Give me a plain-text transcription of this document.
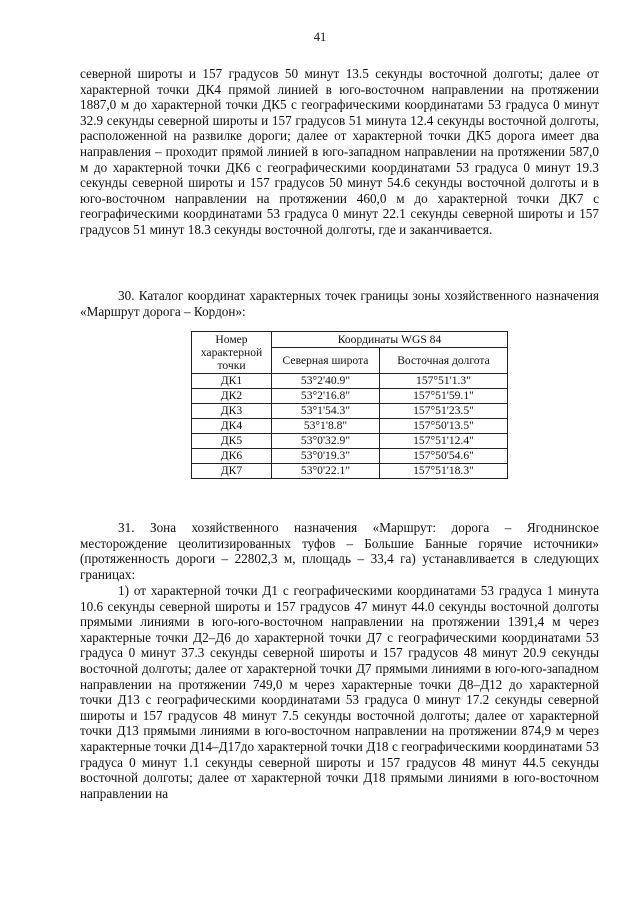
41

северной широты и 157 градусов 50 минут 13.5 секунды восточной долготы; далее от характерной точки ДК4 прямой линией в юго-восточном направлении на протяжении 1887,0 м до характерной точки ДК5 с географическими координатами 53 градуса 0 минут 32.9 секунды северной широты и 157 градусов 51 минута 12.4 секунды восточной долготы, расположенной на развилке дороги; далее от характерной точки ДК5 дорога имеет два направления – проходит прямой линией в юго-западном направлении на протяжении 587,0 м до характерной точки ДК6 с географическими координатами 53 градуса 0 минут 19.3 секунды северной широты и 157 градусов 50 минут 54.6 секунды восточной долготы и в юго-восточном направлении на протяжении 460,0 м до характерной точки ДК7 с географическими координатами 53 градуса 0 минут 22.1 секунды северной широты и 157 градусов 51 минут 18.3 секунды восточной долготы, где и заканчивается.

30. Каталог координат характерных точек границы зоны хозяйственного назначения «Маршрут дорога – Кордон»:

Номер характерной точки	Координаты WGS 84	
	Северная широта	Восточная долгота
ДК1	53°2'40.9"	157°51'1.3"
ДК2	53°2'16.8"	157°51'59.1"
ДК3	53°1'54.3"	157°51'23.5"
ДК4	53°1'8.8"	157°50'13.5"
ДК5	53°0'32.9"	157°51'12.4"
ДК6	53°0'19.3"	157°50'54.6"
ДК7	53°0'22.1"	157°51'18.3"

31. Зона хозяйственного назначения «Маршрут: дорога – Ягоднинское месторождение цеолитизированных туфов – Большие Банные горячие источники» (протяженность дороги – 22802,3 м, площадь – 33,4 га) устанавливается в следующих границах:

1) от характерной точки Д1 с географическими координатами 53 градуса 1 минута 10.6 секунды северной широты и 157 градусов 47 минут 44.0 секунды восточной долготы прямыми линиями в юго-юго-восточном направлении на протяжении 1391,4 м через характерные точки Д2–Д6 до характерной точки Д7 с географическими координатами 53 градуса 0 минут 37.3 секунды северной широты и 157 градусов 48 минут 20.9 секунды восточной долготы; далее от характерной точки Д7 прямыми линиями в юго-юго-западном направлении на протяжении 749,0 м через характерные точки Д8–Д12 до характерной точки Д13 с географическими координатами 53 градуса 0 минут 17.2 секунды северной широты и 157 градусов 48 минут 7.5 секунды восточной долготы; далее от характерной точки Д13 прямыми линиями в юго-восточном направлении на протяжении 874,9 м через характерные точки Д14–Д17до характерной точки Д18 с географическими координатами 53 градуса 0 минут 1.1 секунды северной широты и 157 градусов 48 минут 44.5 секунды восточной долготы; далее от характерной точки Д18 прямыми линиями в юго-восточном направлении на
